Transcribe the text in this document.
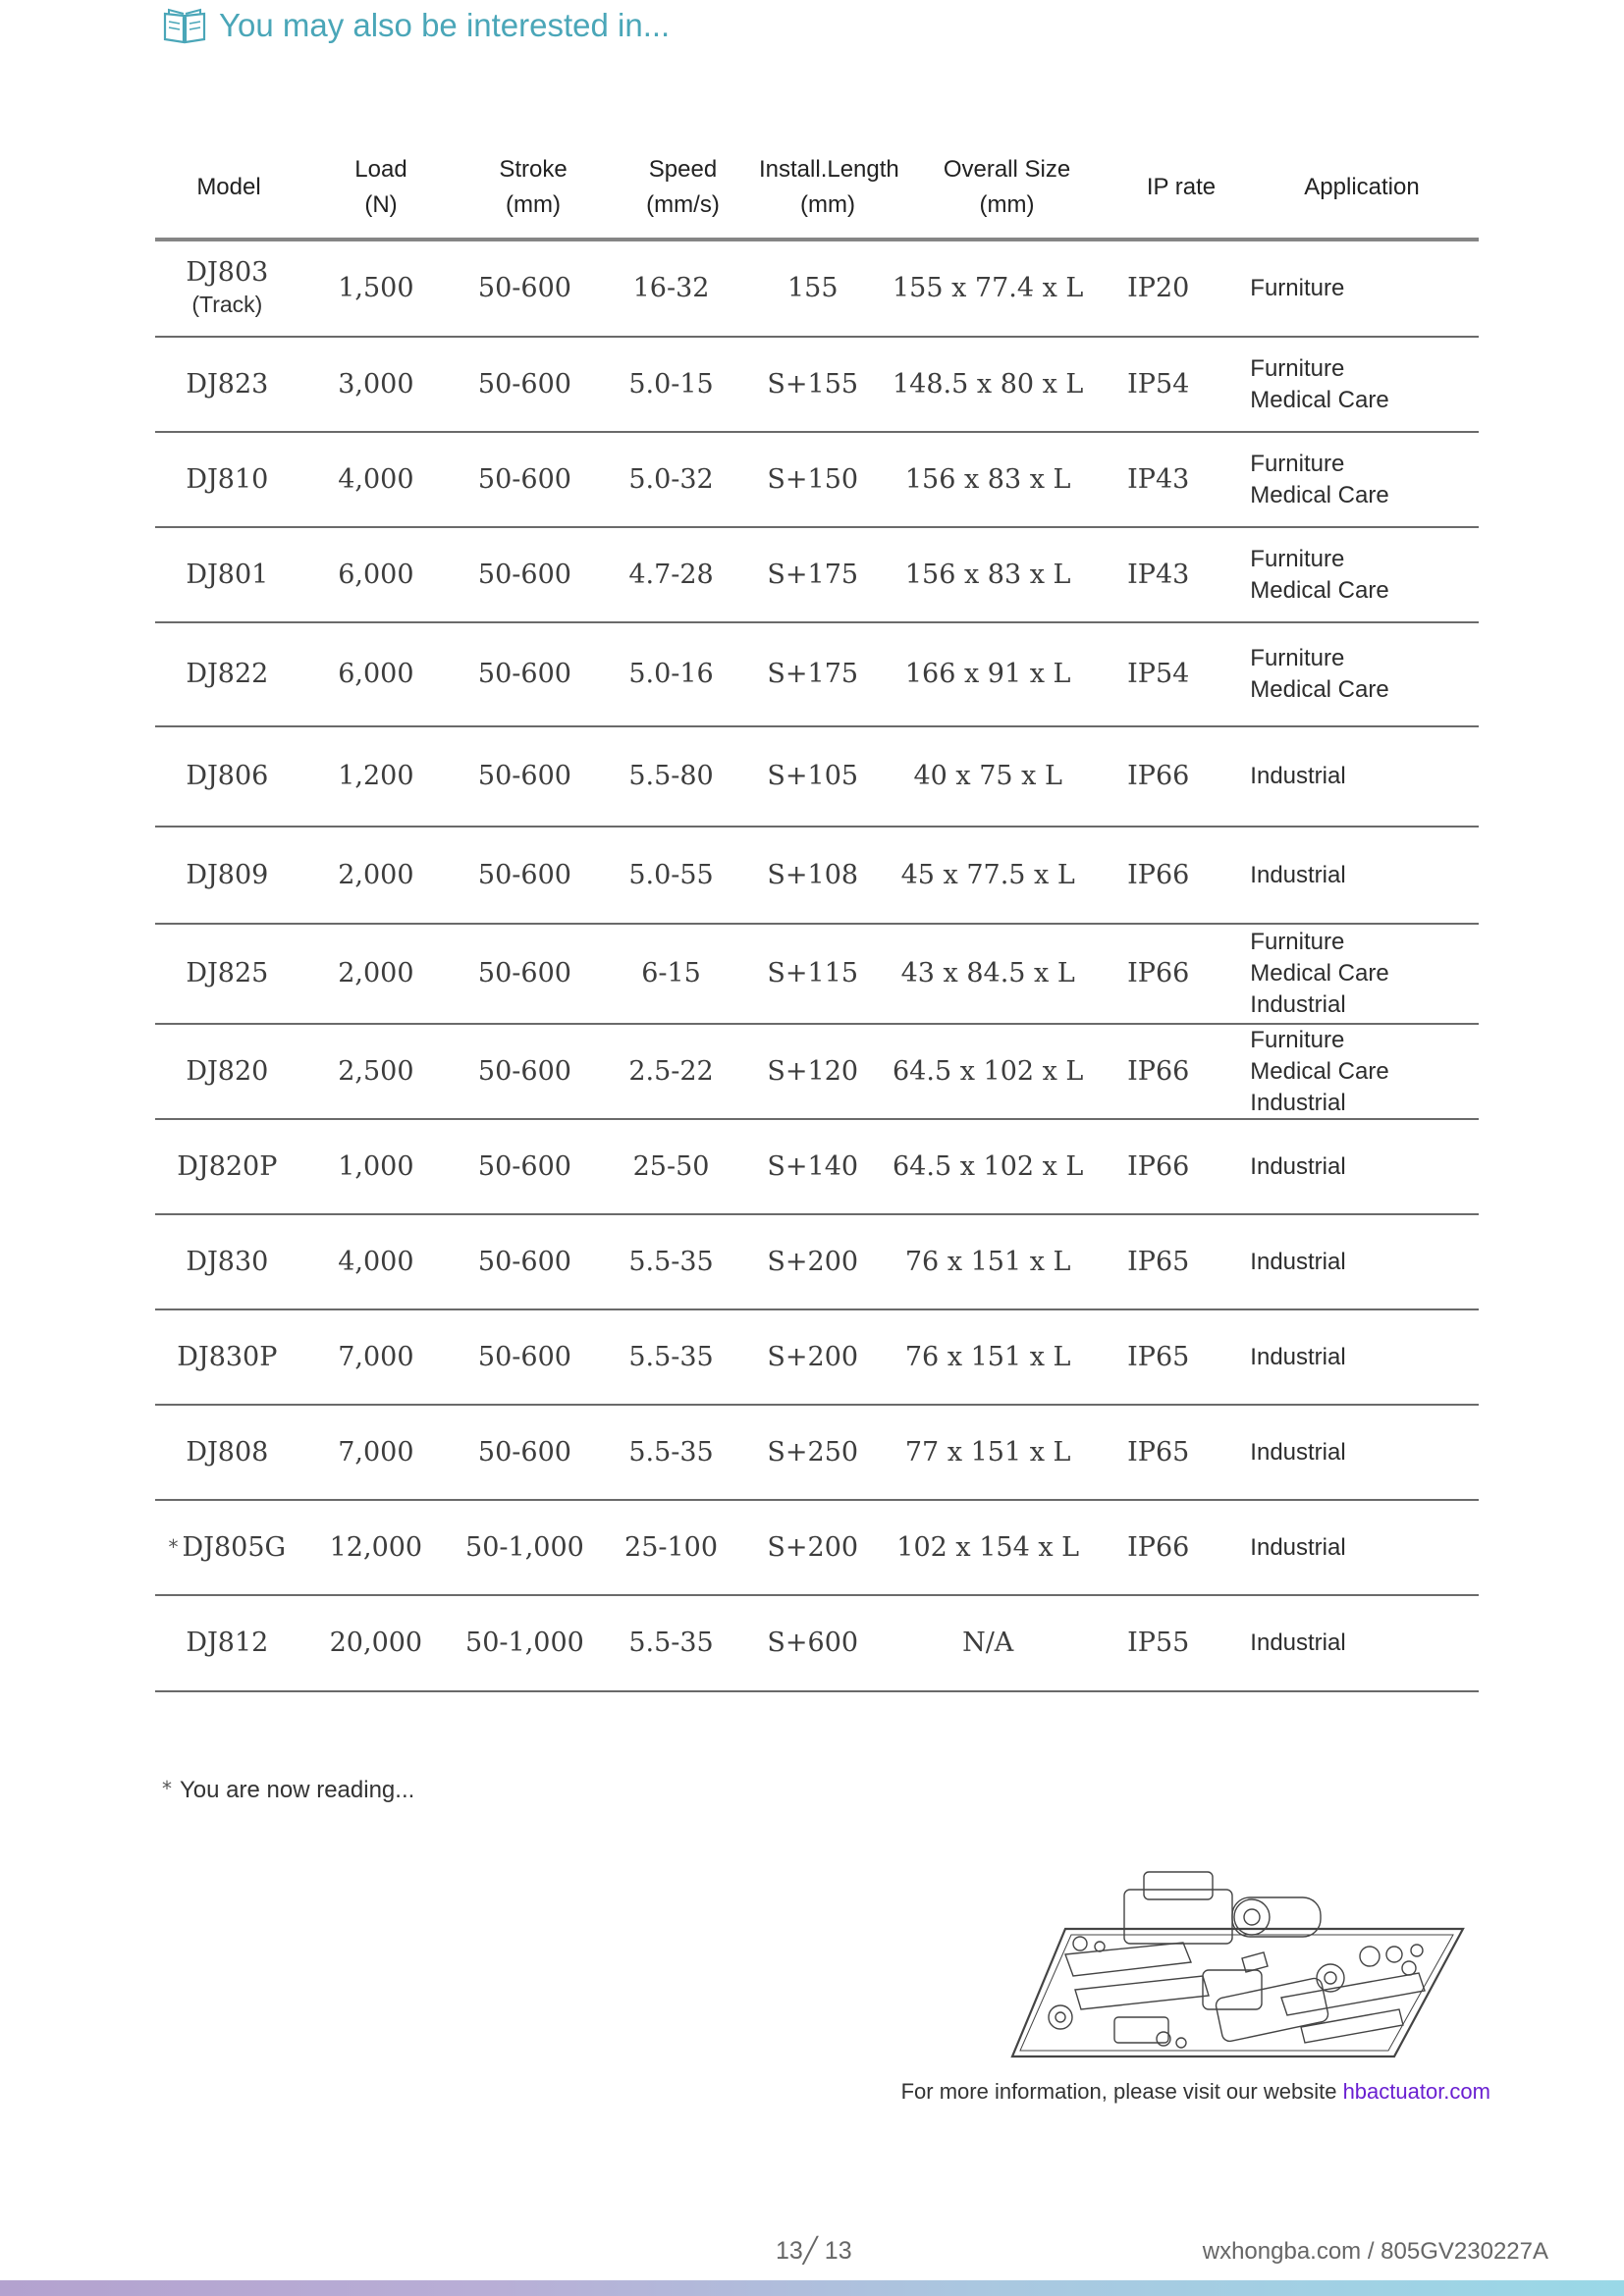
You may also be interested in...
Model

Load
(N)
Stroke
(mm)
Speed
(mm/s)
Install.Length
(mm)
Overall Size
(mm)
IP rate	Application

DJ803
(Track)
1,500	50-600	16-32	155	155 x 77.4 x L	IP20	Furniture
DJ823	3,000	50-600	5.0-15	S+155	148.5 x 80 x L	IP54
Furniture
Medical Care
DJ810	4,000	50-600	5.0-32	S+150	156 x 83 x L	IP43
Furniture
Medical Care
DJ801	6,000	50-600	4.7-28	S+175	156 x 83 x L	IP43
Furniture
Medical Care
DJ822	6,000	50-600	5.0-16	S+175	166 x 91 x L	IP54
Furniture
Medical Care
DJ806	1,200	50-600	5.5-80	S+105	40 x 75 x L	IP66	Industrial
DJ809	2,000	50-600	5.0-55	S+108	45 x 77.5 x L	IP66	Industrial
DJ825	2,000	50-600	6-15	S+115	43 x 84.5 x L	IP66
Furniture
Medical Care
Industrial
DJ820	2,500	50-600	2.5-22	S+120	64.5 x 102 x L	IP66
Furniture
Medical Care
Industrial
DJ820P	1,000	50-600	25-50	S+140	64.5 x 102 x L	IP66	Industrial
DJ830	4,000	50-600	5.5-35	S+200	76 x 151 x L	IP65	Industrial
DJ830P	7,000	50-600	5.5-35	S+200	76 x 151 x L	IP65	Industrial
DJ808	7,000	50-600	5.5-35	S+250	77 x 151 x L	IP65	Industrial
* DJ805G	12,000	50-1,000	25-100	S+200	102 x 154 x L	IP66	Industrial
DJ812	20,000	50-1,000	5.5-35	S+600	N/A	IP55	Industrial
* You are now reading...
For more information, please visit our website hbactuator.com
13╱ 13	wxhongba.com / 805GV230227A
